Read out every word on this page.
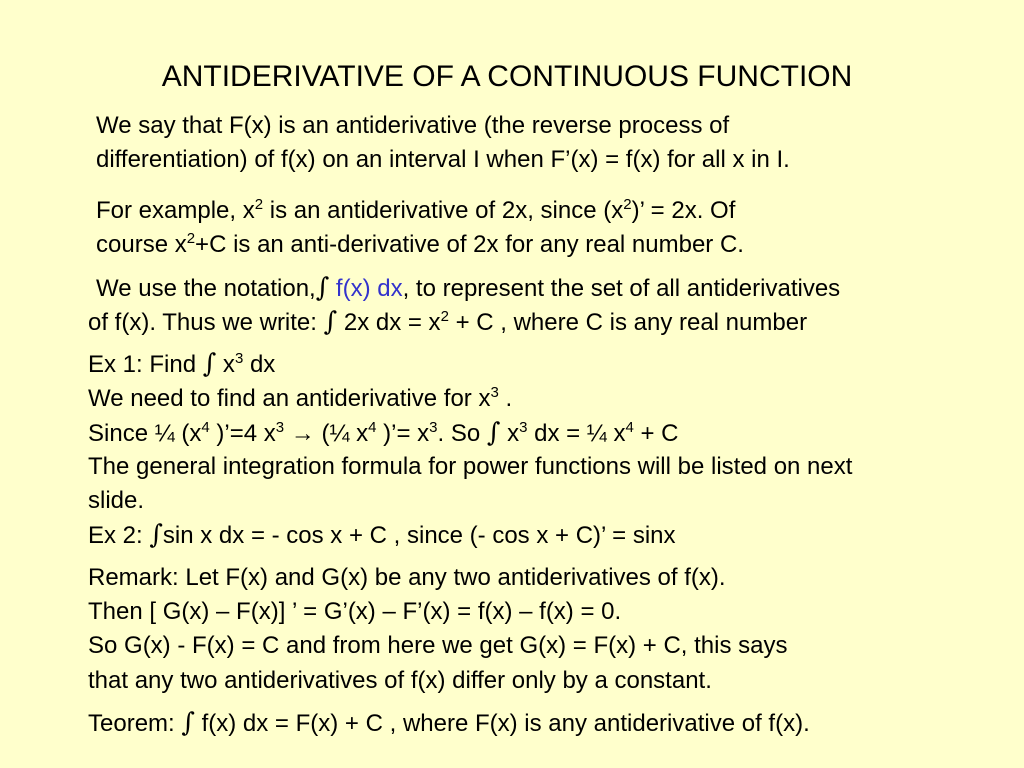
ANTIDERIVATIVE OF A CONTINUOUS FUNCTION
We say that F(x) is an antiderivative (the reverse process of
differentiation) of f(x) on an interval I when F’(x) = f(x) for all x in I.
For example, $x^2$ is an antiderivative of 2x, since $(x^2)$’ = 2x. Of
course $x^2+C$ is an anti-derivative of 2x for any real number C.
We use the notation,∫ f(x) dx, to represent the set of all antiderivatives
of f(x). Thus we write: ∫ 2x dx = $x^2 + C$ , where C is any real number
Ex 1: Find ∫ $x^3$ dx
We need to find an antiderivative for $x^3$ .
Since ¼ ($x^4$ )’=4 $x^3$ → (¼ $x^4$ )’= $x^3$. So ∫ $x^3$ dx = ¼ $x^4 + C$
The general integration formula for power functions will be listed on next
slide.
Ex 2: ∫sin x dx = - cos x + C , since (- cos x + C)’ = sinx
Remark: Let F(x) and G(x) be any two antiderivatives of f(x).
Then [ G(x) – F(x)] ’ = G’(x) – F’(x) = f(x) – f(x) = 0.
So G(x) - F(x) = C and from here we get G(x) = F(x) + C, this says
that any two antiderivatives of f(x) differ only by a constant.
Teorem: ∫ f(x) dx = F(x) + C , where F(x) is any antiderivative of f(x).
